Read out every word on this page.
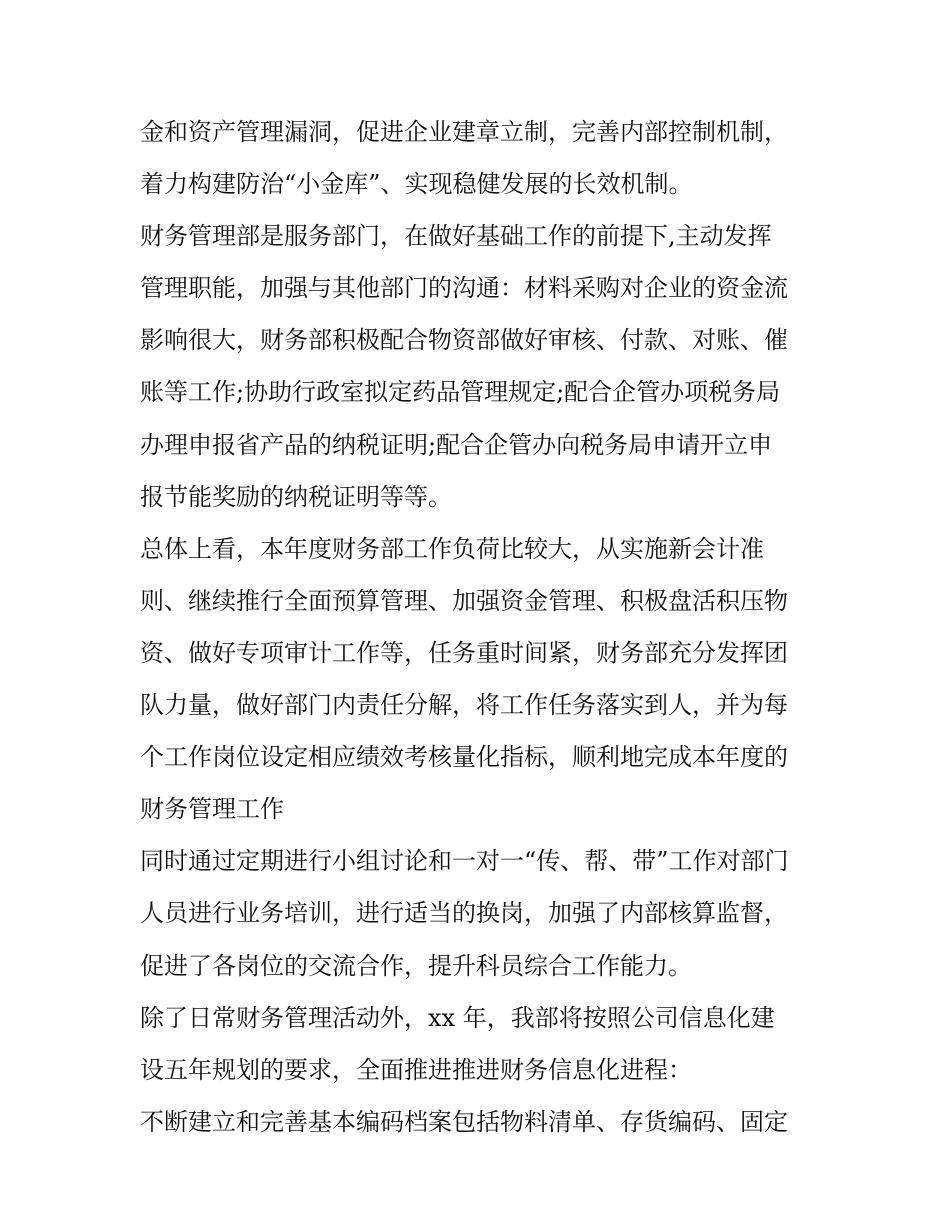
金和资产管理漏洞，促进企业建章立制，完善内部控制机制，
着力构建防治“小金库”、实现稳健发展的长效机制。
财务管理部是服务部门，在做好基础工作的前提下,主动发挥
管理职能，加强与其他部门的沟通：材料采购对企业的资金流
影响很大，财务部积极配合物资部做好审核、付款、对账、催
账等工作;协助行政室拟定药品管理规定;配合企管办项税务局
办理申报省产品的纳税证明;配合企管办向税务局申请开立申
报节能奖励的纳税证明等等。
总体上看，本年度财务部工作负荷比较大，从实施新会计准
则、继续推行全面预算管理、加强资金管理、积极盘活积压物
资、做好专项审计工作等，任务重时间紧，财务部充分发挥团
队力量，做好部门内责任分解，将工作任务落实到人，并为每
个工作岗位设定相应绩效考核量化指标，顺利地完成本年度的
财务管理工作
同时通过定期进行小组讨论和一对一“传、帮、带”工作对部门
人员进行业务培训，进行适当的换岗，加强了内部核算监督，
促进了各岗位的交流合作，提升科员综合工作能力。
除了日常财务管理活动外，xx 年，我部将按照公司信息化建
设五年规划的要求，全面推进推进财务信息化进程：
不断建立和完善基本编码档案包括物料清单、存货编码、固定
